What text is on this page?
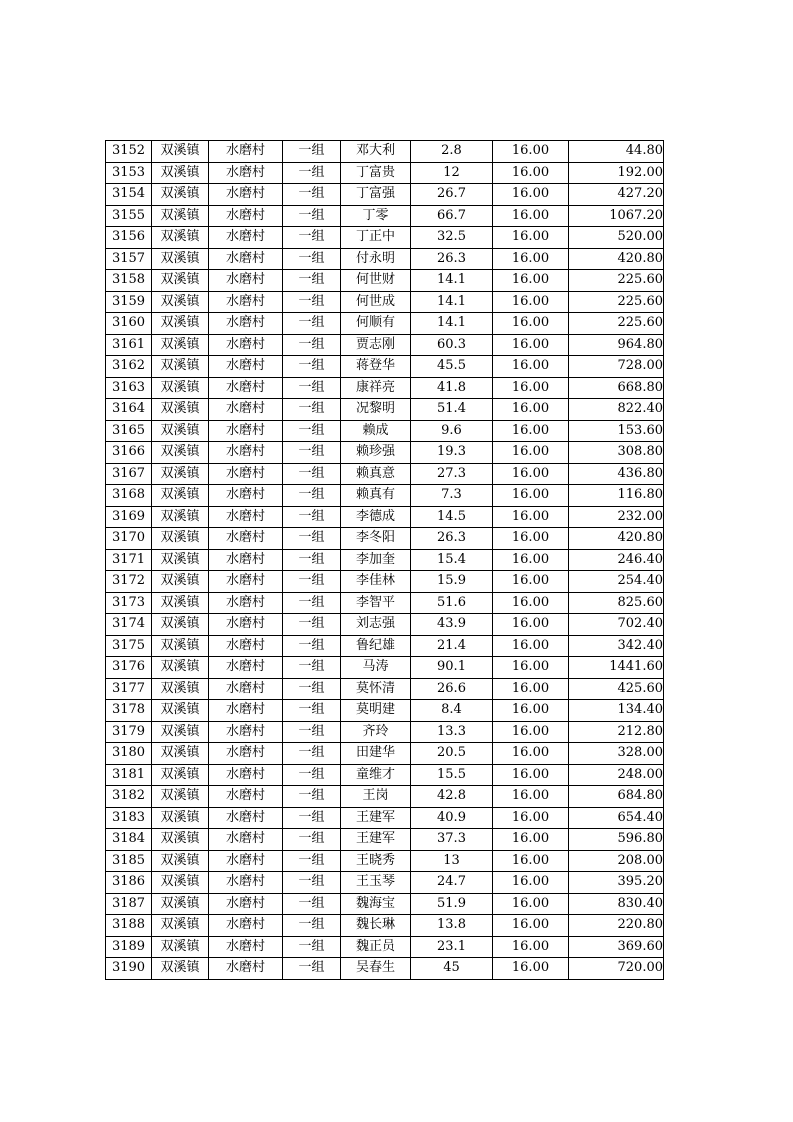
3152	双溪镇	水磨村	一组	邓大利	2.8	16.00	44.80
3153	双溪镇	水磨村	一组	丁富贵	12	16.00	192.00
3154	双溪镇	水磨村	一组	丁富强	26.7	16.00	427.20
3155	双溪镇	水磨村	一组	丁零	66.7	16.00	1067.20
3156	双溪镇	水磨村	一组	丁正中	32.5	16.00	520.00
3157	双溪镇	水磨村	一组	付永明	26.3	16.00	420.80
3158	双溪镇	水磨村	一组	何世财	14.1	16.00	225.60
3159	双溪镇	水磨村	一组	何世成	14.1	16.00	225.60
3160	双溪镇	水磨村	一组	何顺有	14.1	16.00	225.60
3161	双溪镇	水磨村	一组	贾志刚	60.3	16.00	964.80
3162	双溪镇	水磨村	一组	蒋登华	45.5	16.00	728.00
3163	双溪镇	水磨村	一组	康祥亮	41.8	16.00	668.80
3164	双溪镇	水磨村	一组	况黎明	51.4	16.00	822.40
3165	双溪镇	水磨村	一组	赖成	9.6	16.00	153.60
3166	双溪镇	水磨村	一组	赖珍强	19.3	16.00	308.80
3167	双溪镇	水磨村	一组	赖真意	27.3	16.00	436.80
3168	双溪镇	水磨村	一组	赖真有	7.3	16.00	116.80
3169	双溪镇	水磨村	一组	李德成	14.5	16.00	232.00
3170	双溪镇	水磨村	一组	李冬阳	26.3	16.00	420.80
3171	双溪镇	水磨村	一组	李加奎	15.4	16.00	246.40
3172	双溪镇	水磨村	一组	李佳林	15.9	16.00	254.40
3173	双溪镇	水磨村	一组	李智平	51.6	16.00	825.60
3174	双溪镇	水磨村	一组	刘志强	43.9	16.00	702.40
3175	双溪镇	水磨村	一组	鲁纪雄	21.4	16.00	342.40
3176	双溪镇	水磨村	一组	马涛	90.1	16.00	1441.60
3177	双溪镇	水磨村	一组	莫怀清	26.6	16.00	425.60
3178	双溪镇	水磨村	一组	莫明建	8.4	16.00	134.40
3179	双溪镇	水磨村	一组	齐玲	13.3	16.00	212.80
3180	双溪镇	水磨村	一组	田建华	20.5	16.00	328.00
3181	双溪镇	水磨村	一组	童维才	15.5	16.00	248.00
3182	双溪镇	水磨村	一组	王岗	42.8	16.00	684.80
3183	双溪镇	水磨村	一组	王建军	40.9	16.00	654.40
3184	双溪镇	水磨村	一组	王建军	37.3	16.00	596.80
3185	双溪镇	水磨村	一组	王晓秀	13	16.00	208.00
3186	双溪镇	水磨村	一组	王玉琴	24.7	16.00	395.20
3187	双溪镇	水磨村	一组	魏海宝	51.9	16.00	830.40
3188	双溪镇	水磨村	一组	魏长琳	13.8	16.00	220.80
3189	双溪镇	水磨村	一组	魏正员	23.1	16.00	369.60
3190	双溪镇	水磨村	一组	吴春生	45	16.00	720.00
